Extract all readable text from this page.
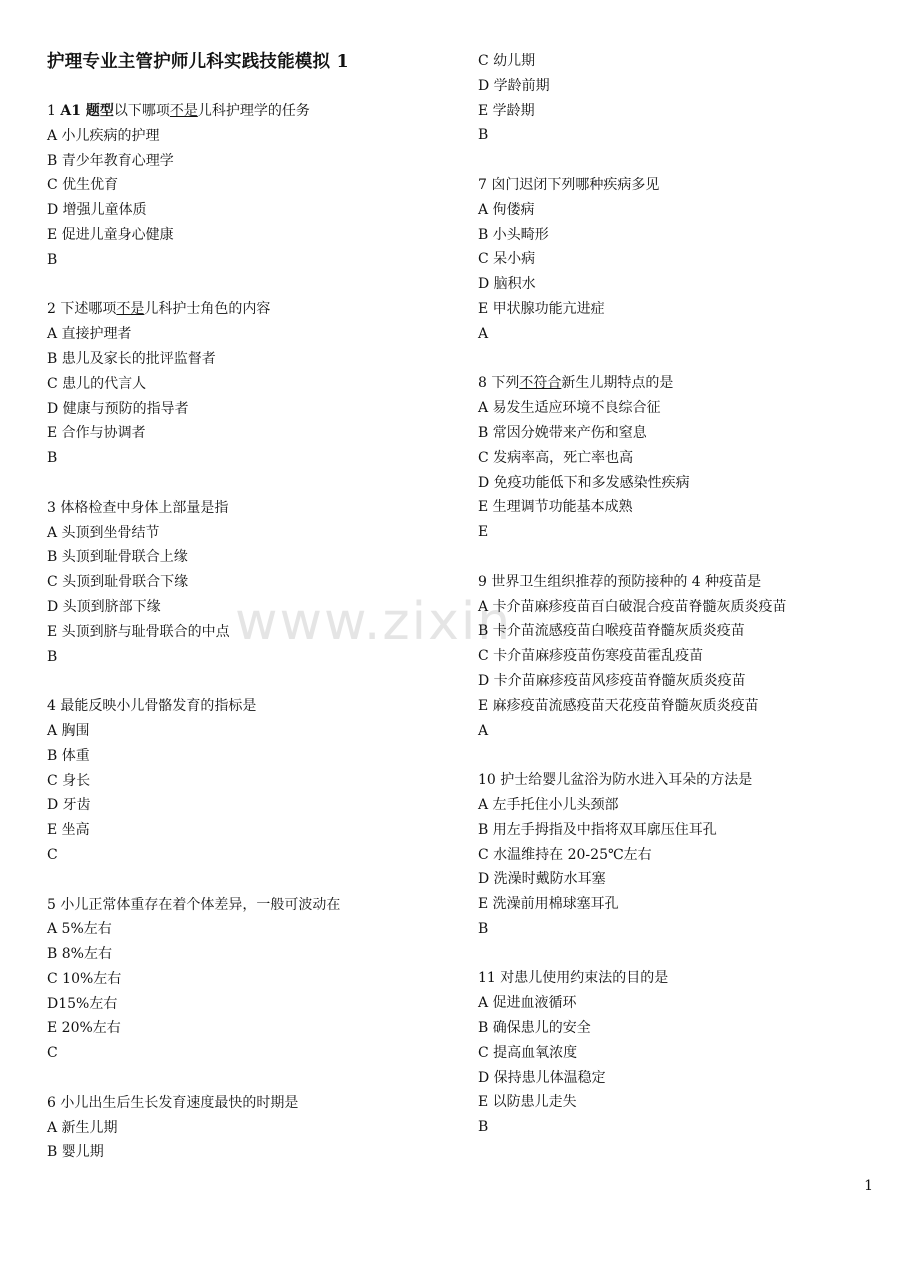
护理专业主管护师儿科实践技能模拟 1
www.zixin
1 A1 题型以下哪项不是儿科护理学的任务
A 小儿疾病的护理
B 青少年教育心理学
C 优生优育
D 增强儿童体质
E 促进儿童身心健康
B
2 下述哪项不是儿科护士角色的内容
A 直接护理者
B 患儿及家长的批评监督者
C 患儿的代言人
D 健康与预防的指导者
E 合作与协调者
B
3 体格检查中身体上部量是指
A 头顶到坐骨结节
B 头顶到耻骨联合上缘
C 头顶到耻骨联合下缘
D 头顶到脐部下缘
E 头顶到脐与耻骨联合的中点
B
4 最能反映小儿骨骼发育的指标是
A 胸围
B 体重
C 身长
D 牙齿
E 坐高
C
5 小儿正常体重存在着个体差异，一般可波动在
A 5%左右
B 8%左右
C 10%左右
D15%左右
E 20%左右
C
6 小儿出生后生长发育速度最快的时期是
A 新生儿期
B 婴儿期
C 幼儿期
D 学龄前期
E 学龄期
B
7 囟门迟闭下列哪种疾病多见
A 佝偻病
B 小头畸形
C 呆小病
D 脑积水
E 甲状腺功能亢进症
A
8 下列不符合新生儿期特点的是
A 易发生适应环境不良综合征
B 常因分娩带来产伤和窒息
C 发病率高，死亡率也高
D 免疫功能低下和多发感染性疾病
E 生理调节功能基本成熟
E
9 世界卫生组织推荐的预防接种的 4 种疫苗是
A 卡介苗麻疹疫苗百白破混合疫苗脊髓灰质炎疫苗
B 卡介苗流感疫苗白喉疫苗脊髓灰质炎疫苗
C 卡介苗麻疹疫苗伤寒疫苗霍乱疫苗
D 卡介苗麻疹疫苗风疹疫苗脊髓灰质炎疫苗
E 麻疹疫苗流感疫苗天花疫苗脊髓灰质炎疫苗
A
10 护士给婴儿盆浴为防水进入耳朵的方法是
A 左手托住小儿头颈部
B 用左手拇指及中指将双耳廓压住耳孔
C 水温维持在 20-25℃左右
D 洗澡时戴防水耳塞
E 洗澡前用棉球塞耳孔
B
11 对患儿使用约束法的目的是
A 促进血液循环
B 确保患儿的安全
C 提高血氧浓度
D 保持患儿体温稳定
E 以防患儿走失
B
1
